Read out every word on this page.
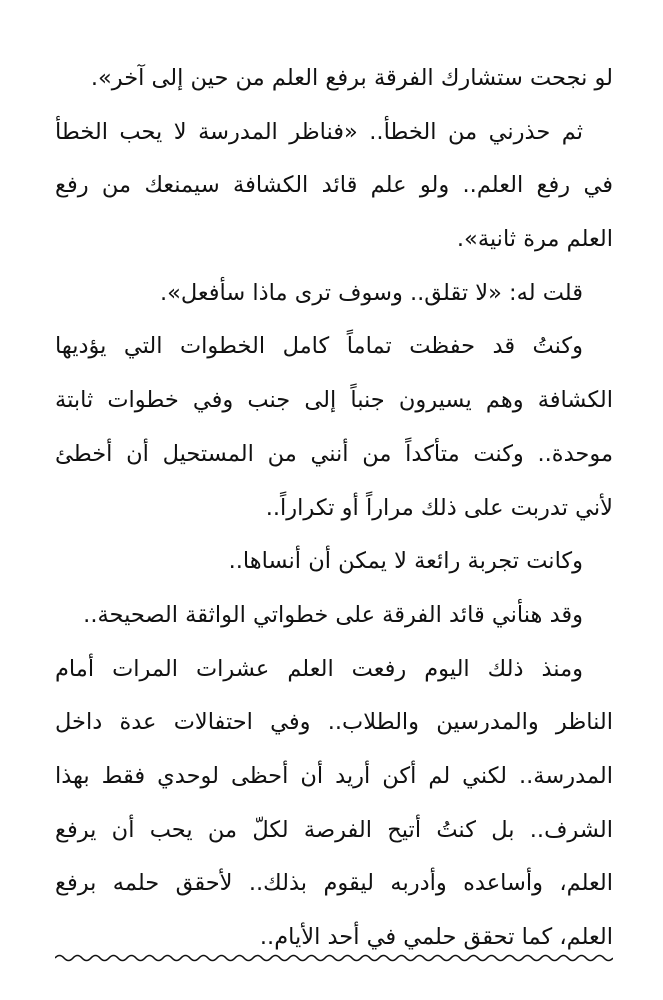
لو نجحت ستشارك الفرقة برفع العلم من حين إلى آخر».
ثم حذرني من الخطأ.. «فناظر المدرسة لا يحب الخطأ
في رفع العلم.. ولو علم قائد الكشافة سيمنعك من رفع
العلم مرة ثانية».
قلت له: «لا تقلق.. وسوف ترى ماذا سأفعل».
وكنتُ قد حفظت تماماً كامل الخطوات التي يؤديها
الكشافة وهم يسيرون جنباً إلى جنب وفي خطوات ثابتة
موحدة.. وكنت متأكداً من أنني من المستحيل أن أخطئ
لأني تدربت على ذلك مراراً أو تكراراً..
وكانت تجربة رائعة لا يمكن أن أنساها..
وقد هنأني قائد الفرقة على خطواتي الواثقة الصحيحة..
ومنذ ذلك اليوم رفعت العلم عشرات المرات أمام
الناظر والمدرسين والطلاب.. وفي احتفالات عدة داخل
المدرسة.. لكني لم أكن أريد أن أحظى لوحدي فقط بهذا
الشرف.. بل كنتُ أتيح الفرصة لكلّ من يحب أن يرفع
العلم، وأساعده وأدربه ليقوم بذلك.. لأحقق حلمه برفع
العلم، كما تحقق حلمي في أحد الأيام..
